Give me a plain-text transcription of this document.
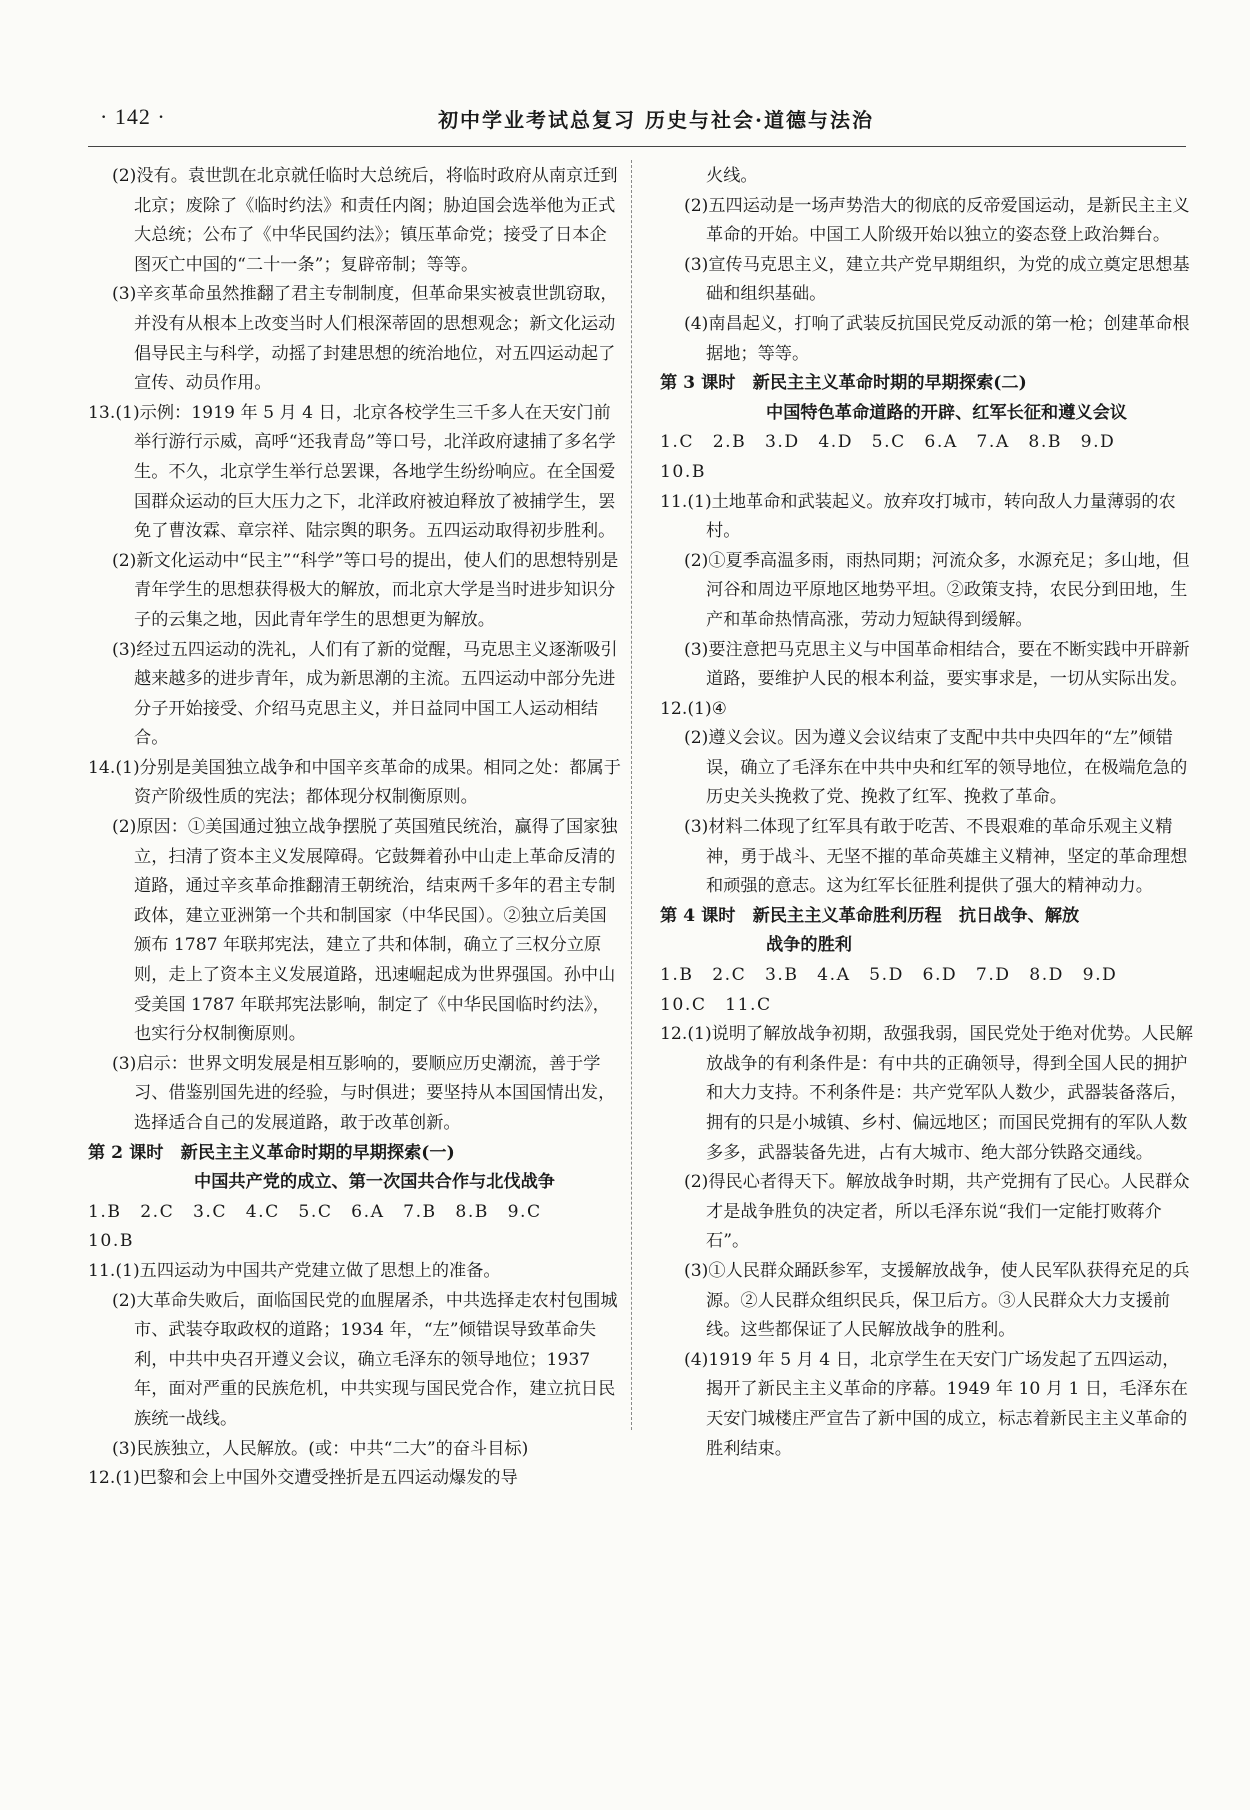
· 142 ·	初中学业考试总复习 历史与社会·道德与法治

(2)没有。袁世凯在北京就任临时大总统后，将临时政府从南京迁到北京；废除了《临时约法》和责任内阁；胁迫国会选举他为正式大总统；公布了《中华民国约法》；镇压革命党；接受了日本企图灭亡中国的“二十一条”；复辟帝制；等等。

(3)辛亥革命虽然推翻了君主专制制度，但革命果实被袁世凯窃取，并没有从根本上改变当时人们根深蒂固的思想观念；新文化运动倡导民主与科学，动摇了封建思想的统治地位，对五四运动起了宣传、动员作用。

13.(1)示例：1919 年 5 月 4 日，北京各校学生三千多人在天安门前举行游行示威，高呼“还我青岛”等口号，北洋政府逮捕了多名学生。不久，北京学生举行总罢课，各地学生纷纷响应。在全国爱国群众运动的巨大压力之下，北洋政府被迫释放了被捕学生，罢免了曹汝霖、章宗祥、陆宗舆的职务。五四运动取得初步胜利。

(2)新文化运动中“民主”“科学”等口号的提出，使人们的思想特别是青年学生的思想获得极大的解放，而北京大学是当时进步知识分子的云集之地，因此青年学生的思想更为解放。

(3)经过五四运动的洗礼，人们有了新的觉醒，马克思主义逐渐吸引越来越多的进步青年，成为新思潮的主流。五四运动中部分先进分子开始接受、介绍马克思主义，并日益同中国工人运动相结合。

14.(1)分别是美国独立战争和中国辛亥革命的成果。相同之处：都属于资产阶级性质的宪法；都体现分权制衡原则。

(2)原因：①美国通过独立战争摆脱了英国殖民统治，赢得了国家独立，扫清了资本主义发展障碍。它鼓舞着孙中山走上革命反清的道路，通过辛亥革命推翻清王朝统治，结束两千多年的君主专制政体，建立亚洲第一个共和制国家（中华民国）。②独立后美国颁布 1787 年联邦宪法，建立了共和体制，确立了三权分立原则，走上了资本主义发展道路，迅速崛起成为世界强国。孙中山受美国 1787 年联邦宪法影响，制定了《中华民国临时约法》，也实行分权制衡原则。

(3)启示：世界文明发展是相互影响的，要顺应历史潮流，善于学习、借鉴别国先进的经验，与时俱进；要坚持从本国国情出发，选择适合自己的发展道路，敢于改革创新。

第 2 课时　新民主主义革命时期的早期探索(一)

中国共产党的成立、第一次国共合作与北伐战争

1.B　2.C　3.C　4.C　5.C　6.A　7.B　8.B　9.C

10.B

11.(1)五四运动为中国共产党建立做了思想上的准备。

(2)大革命失败后，面临国民党的血腥屠杀，中共选择走农村包围城市、武装夺取政权的道路；1934 年，“左”倾错误导致革命失利，中共中央召开遵义会议，确立毛泽东的领导地位；1937 年，面对严重的民族危机，中共实现与国民党合作，建立抗日民族统一战线。

(3)民族独立，人民解放。(或：中共“二大”的奋斗目标)

12.(1)巴黎和会上中国外交遭受挫折是五四运动爆发的导

火线。

(2)五四运动是一场声势浩大的彻底的反帝爱国运动，是新民主主义革命的开始。中国工人阶级开始以独立的姿态登上政治舞台。

(3)宣传马克思主义，建立共产党早期组织，为党的成立奠定思想基础和组织基础。

(4)南昌起义，打响了武装反抗国民党反动派的第一枪；创建革命根据地；等等。

第 3 课时　新民主主义革命时期的早期探索(二)

中国特色革命道路的开辟、红军长征和遵义会议

1.C　2.B　3.D　4.D　5.C　6.A　7.A　8.B　9.D

10.B

11.(1)土地革命和武装起义。放弃攻打城市，转向敌人力量薄弱的农村。

(2)①夏季高温多雨，雨热同期；河流众多，水源充足；多山地，但河谷和周边平原地区地势平坦。②政策支持，农民分到田地，生产和革命热情高涨，劳动力短缺得到缓解。

(3)要注意把马克思主义与中国革命相结合，要在不断实践中开辟新道路，要维护人民的根本利益，要实事求是，一切从实际出发。

12.(1)④

(2)遵义会议。因为遵义会议结束了支配中共中央四年的“左”倾错误，确立了毛泽东在中共中央和红军的领导地位，在极端危急的历史关头挽救了党、挽救了红军、挽救了革命。

(3)材料二体现了红军具有敢于吃苦、不畏艰难的革命乐观主义精神，勇于战斗、无坚不摧的革命英雄主义精神，坚定的革命理想和顽强的意志。这为红军长征胜利提供了强大的精神动力。

第 4 课时　新民主主义革命胜利历程　抗日战争、解放

战争的胜利

1.B　2.C　3.B　4.A　5.D　6.D　7.D　8.D　9.D

10.C　11.C

12.(1)说明了解放战争初期，敌强我弱，国民党处于绝对优势。人民解放战争的有利条件是：有中共的正确领导，得到全国人民的拥护和大力支持。不利条件是：共产党军队人数少，武器装备落后，拥有的只是小城镇、乡村、偏远地区；而国民党拥有的军队人数多多，武器装备先进，占有大城市、绝大部分铁路交通线。

(2)得民心者得天下。解放战争时期，共产党拥有了民心。人民群众才是战争胜负的决定者，所以毛泽东说“我们一定能打败蒋介石”。

(3)①人民群众踊跃参军，支援解放战争，使人民军队获得充足的兵源。②人民群众组织民兵，保卫后方。③人民群众大力支援前线。这些都保证了人民解放战争的胜利。

(4)1919 年 5 月 4 日，北京学生在天安门广场发起了五四运动，揭开了新民主主义革命的序幕。1949 年 10 月 1 日，毛泽东在天安门城楼庄严宣告了新中国的成立，标志着新民主主义革命的胜利结束。
